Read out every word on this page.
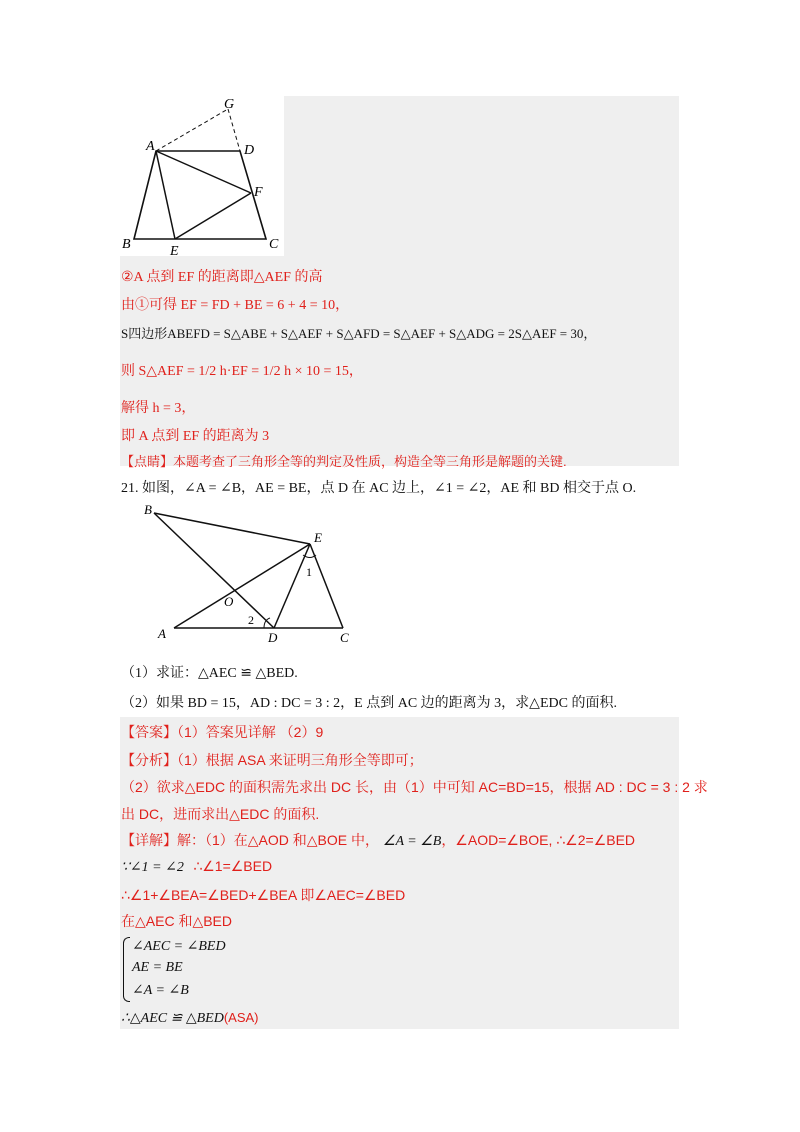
G
A	D
F
B	E	C
②A 点到 EF 的距离即△AEF 的高
由①可得 EF = FD + BE = 6 + 4 = 10，
S四边形ABEFD = S△ABE + S△AEF + S△AFD = S△AEF + S△ADG = 2S△AEF = 30，
则 S△AEF = 1/2 h·EF = 1/2 h × 10 = 15，
解得 h = 3，
即 A 点到 EF 的距离为 3
【点睛】本题考查了三角形全等的判定及性质，构造全等三角形是解题的关键.
21. 如图，∠A = ∠B，AE = BE，点 D 在 AC 边上，∠1 = ∠2，AE 和 BD 相交于点 O.
B
E
1
O
A
2
D	C
（1）求证：△AEC ≌ △BED.
（2）如果 BD = 15，AD : DC = 3 : 2，E 点到 AC 边的距离为 3，求△EDC 的面积.
【答案】（1）答案见详解 （2）9
【分析】（1）根据 ASA 来证明三角形全等即可；
（2）欲求△EDC 的面积需先求出 DC 长，由（1）中可知 AC=BD=15，根据 AD : DC = 3 : 2 求
出 DC，进而求出△EDC 的面积.
【详解】解：（1）在△AOD 和△BOE 中， ∠A = ∠B，∠AOD=∠BOE, ∴∠2=∠BED
∵∠1 = ∠2 ∴∠1=∠BED
∴∠1+∠BEA=∠BED+∠BEA 即∠AEC=∠BED
在△AEC 和△BED
∠AEC = ∠BED
AE = BE
∠A = ∠B
∴△AEC ≌ △BED(ASA)
